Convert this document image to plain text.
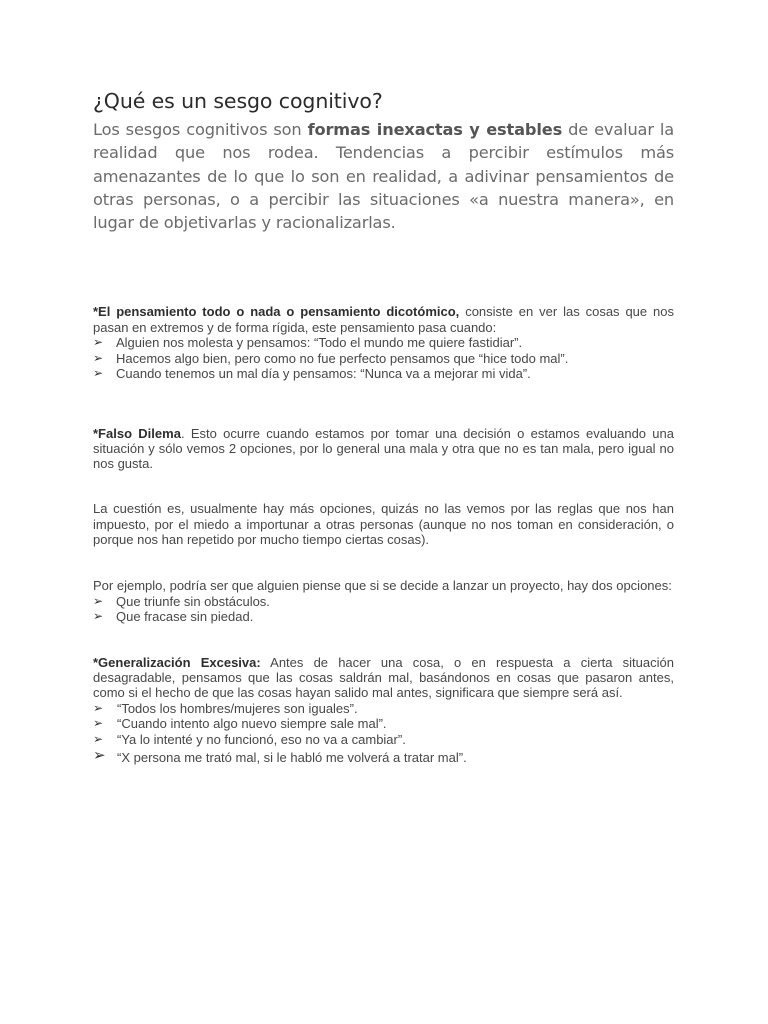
¿Qué es un sesgo cognitivo?

Los sesgos cognitivos son formas inexactas y estables de evaluar la realidad que nos rodea. Tendencias a percibir estímulos más amenazantes de lo que lo son en realidad, a adivinar pensamientos de otras personas, o a percibir las situaciones «a nuestra manera», en lugar de objetivarlas y racionalizarlas.

*El pensamiento todo o nada o pensamiento dicotómico, consiste en ver las cosas que nos pasan en extremos y de forma rígida, este pensamiento pasa cuando:

➢ Alguien nos molesta y pensamos: “Todo el mundo me quiere fastidiar”.
➢ Hacemos algo bien, pero como no fue perfecto pensamos que “hice todo mal”.
➢ Cuando tenemos un mal día y pensamos: “Nunca va a mejorar mi vida”.

*Falso Dilema. Esto ocurre cuando estamos por tomar una decisión o estamos evaluando una situación y sólo vemos 2 opciones, por lo general una mala y otra que no es tan mala, pero igual no nos gusta.

La cuestión es, usualmente hay más opciones, quizás no las vemos por las reglas que nos han impuesto, por el miedo a importunar a otras personas (aunque no nos toman en consideración, o porque nos han repetido por mucho tiempo ciertas cosas).

Por ejemplo, podría ser que alguien piense que si se decide a lanzar un proyecto, hay dos opciones:

➢ Que triunfe sin obstáculos.
➢ Que fracase sin piedad.

*Generalización Excesiva: Antes de hacer una cosa, o en respuesta a cierta situación desagradable, pensamos que las cosas saldrán mal, basándonos en cosas que pasaron antes, como si el hecho de que las cosas hayan salido mal antes, significara que siempre será así.

➢ “Todos los hombres/mujeres son iguales”.
➢ “Cuando intento algo nuevo siempre sale mal”.
➢ “Ya lo intenté y no funcionó, eso no va a cambiar”.
➢ “X persona me trató mal, si le habló me volverá a tratar mal”.
